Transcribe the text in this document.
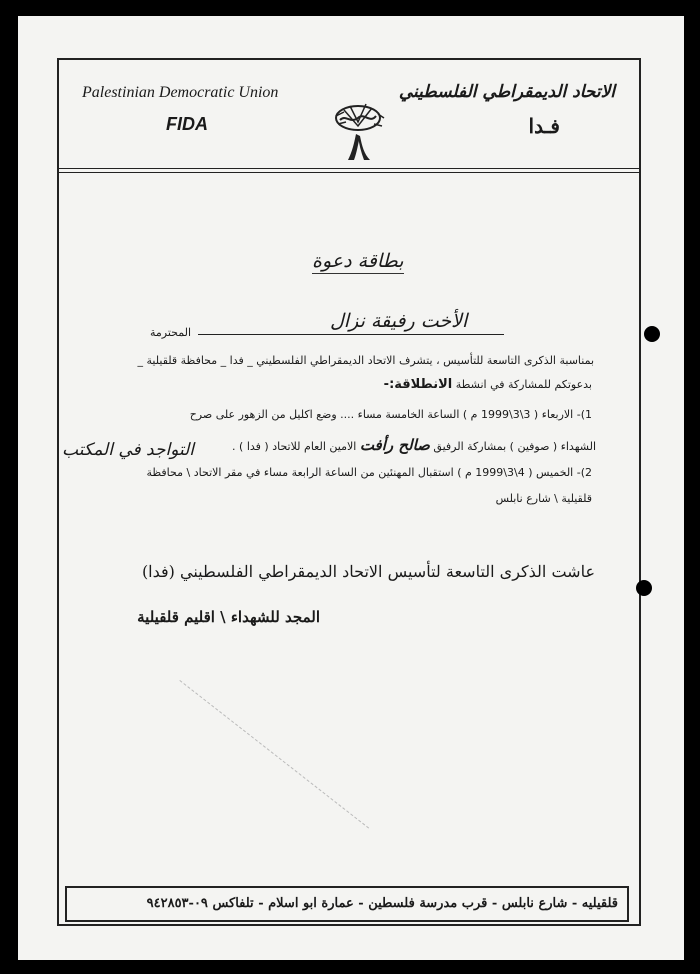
Palestinian Democratic Union
FIDA
الاتحاد الديمقراطي الفلسطيني
فـدا
بطاقة دعوة
الأخت رفيقة نزال
المحترمة
بمناسبة الذكرى التاسعة للتأسيس ، يتشرف الاتحاد الديمقراطي الفلسطيني _ فدا _ محافظة قلقيلية _
بدعوتكم للمشاركة في انشطة الانطلاقة:-
1)- الاربعاء ( 3\3\1999 م ) الساعة الخامسة مساء .... وضع اكليل من الزهور على صرح
الشهداء ( صوفين ) بمشاركة الرفيق صالح رأفت الامين العام للاتحاد ( فدا ) .
التواجد في المكتب
2)- الخميس ( 4\3\1999 م ) استقبال المهنئين من الساعة الرابعة مساء في مقر الاتحاد \ محافظة
قلقيلية \ شارع نابلس
عاشت الذكرى التاسعة لتأسيس الاتحاد الديمقراطي الفلسطيني (فدا)
المجد للشهداء \ اقليم قلقيلية
قلقيليه - شارع نابلس - قرب مدرسة فلسطين - عمارة ابو اسلام - تلفاكس ٠٩-٩٤٢٨٥٣
